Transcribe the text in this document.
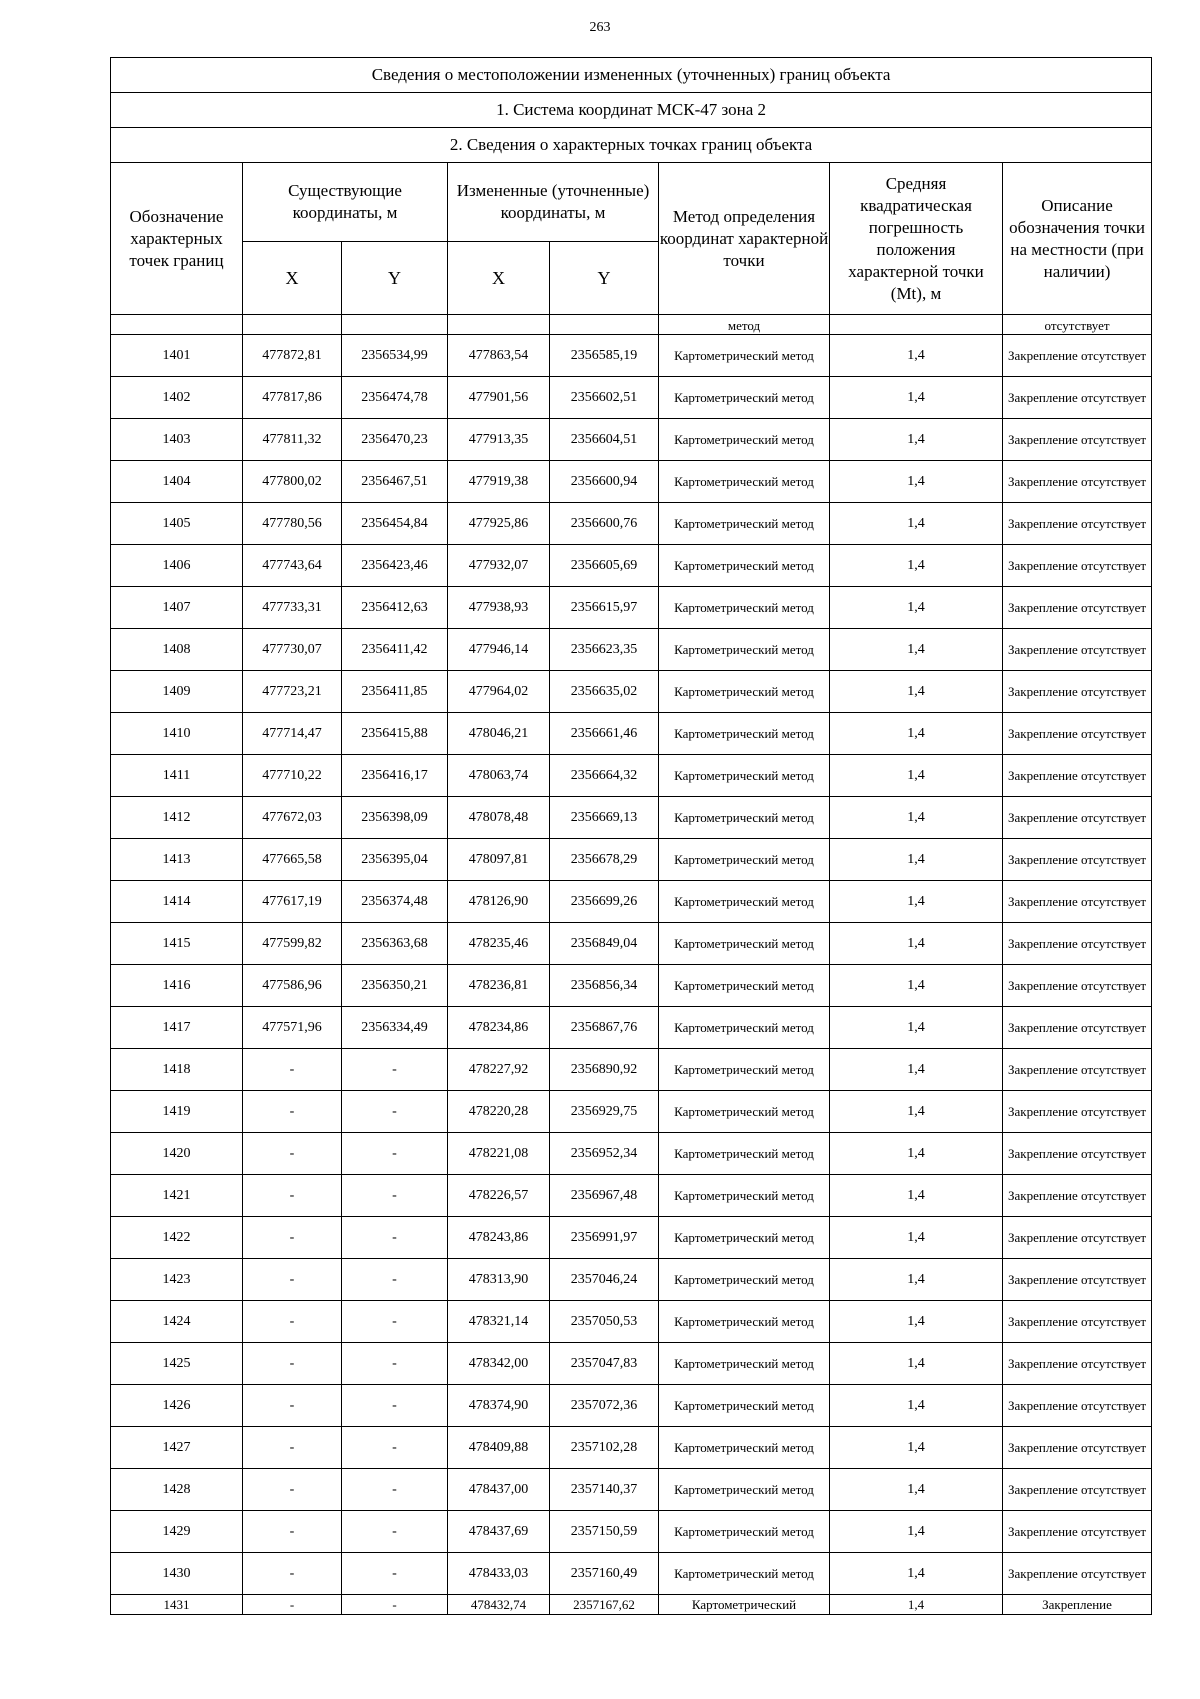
263
Сведения о местоположении измененных (уточненных) границ объекта							
1. Система координат МСК-47 зона 2							
2. Сведения о характерных точках границ объекта							
Обозначение характерных точек границ	Существующие координаты, м		Измененные (уточненные) координаты, м		Метод определения координат характерной точки	Средняя квадратическая погрешность положения характерной точки (Mt), м	Описание обозначения точки на местности (при наличии)
	X	Y	X	Y			
					метод		отсутствует
1401	477872,81	2356534,99	477863,54	2356585,19	Картометрический метод	1,4	Закрепление отсутствует
1402	477817,86	2356474,78	477901,56	2356602,51	Картометрический метод	1,4	Закрепление отсутствует
1403	477811,32	2356470,23	477913,35	2356604,51	Картометрический метод	1,4	Закрепление отсутствует
1404	477800,02	2356467,51	477919,38	2356600,94	Картометрический метод	1,4	Закрепление отсутствует
1405	477780,56	2356454,84	477925,86	2356600,76	Картометрический метод	1,4	Закрепление отсутствует
1406	477743,64	2356423,46	477932,07	2356605,69	Картометрический метод	1,4	Закрепление отсутствует
1407	477733,31	2356412,63	477938,93	2356615,97	Картометрический метод	1,4	Закрепление отсутствует
1408	477730,07	2356411,42	477946,14	2356623,35	Картометрический метод	1,4	Закрепление отсутствует
1409	477723,21	2356411,85	477964,02	2356635,02	Картометрический метод	1,4	Закрепление отсутствует
1410	477714,47	2356415,88	478046,21	2356661,46	Картометрический метод	1,4	Закрепление отсутствует
1411	477710,22	2356416,17	478063,74	2356664,32	Картометрический метод	1,4	Закрепление отсутствует
1412	477672,03	2356398,09	478078,48	2356669,13	Картометрический метод	1,4	Закрепление отсутствует
1413	477665,58	2356395,04	478097,81	2356678,29	Картометрический метод	1,4	Закрепление отсутствует
1414	477617,19	2356374,48	478126,90	2356699,26	Картометрический метод	1,4	Закрепление отсутствует
1415	477599,82	2356363,68	478235,46	2356849,04	Картометрический метод	1,4	Закрепление отсутствует
1416	477586,96	2356350,21	478236,81	2356856,34	Картометрический метод	1,4	Закрепление отсутствует
1417	477571,96	2356334,49	478234,86	2356867,76	Картометрический метод	1,4	Закрепление отсутствует
1418	-	-	478227,92	2356890,92	Картометрический метод	1,4	Закрепление отсутствует
1419	-	-	478220,28	2356929,75	Картометрический метод	1,4	Закрепление отсутствует
1420	-	-	478221,08	2356952,34	Картометрический метод	1,4	Закрепление отсутствует
1421	-	-	478226,57	2356967,48	Картометрический метод	1,4	Закрепление отсутствует
1422	-	-	478243,86	2356991,97	Картометрический метод	1,4	Закрепление отсутствует
1423	-	-	478313,90	2357046,24	Картометрический метод	1,4	Закрепление отсутствует
1424	-	-	478321,14	2357050,53	Картометрический метод	1,4	Закрепление отсутствует
1425	-	-	478342,00	2357047,83	Картометрический метод	1,4	Закрепление отсутствует
1426	-	-	478374,90	2357072,36	Картометрический метод	1,4	Закрепление отсутствует
1427	-	-	478409,88	2357102,28	Картометрический метод	1,4	Закрепление отсутствует
1428	-	-	478437,00	2357140,37	Картометрический метод	1,4	Закрепление отсутствует
1429	-	-	478437,69	2357150,59	Картометрический метод	1,4	Закрепление отсутствует
1430	-	-	478433,03	2357160,49	Картометрический метод	1,4	Закрепление отсутствует
1431	-	-	478432,74	2357167,62	Картометрический	1,4	Закрепление
